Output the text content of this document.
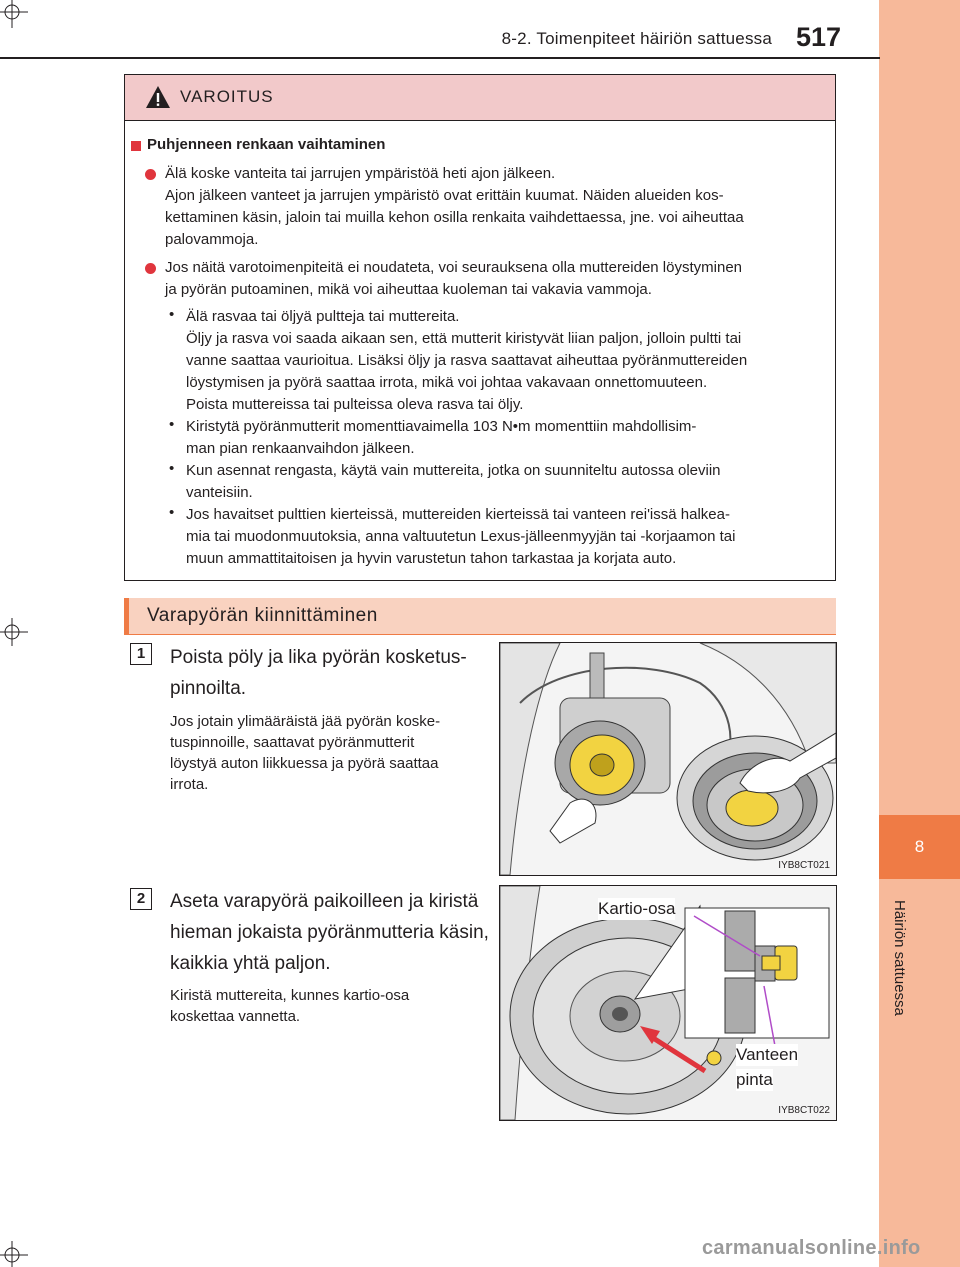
8
Häiriön sattuessa
8-2. Toimenpiteet häiriön sattuessa 517
VAROITUS
Puhjenneen renkaan vaihtaminen
Älä koske vanteita tai jarrujen ympäristöä heti ajon jälkeen.
Ajon jälkeen vanteet ja jarrujen ympäristö ovat erittäin kuumat. Näiden alueiden kos-
kettaminen käsin, jaloin tai muilla kehon osilla renkaita vaihdettaessa, jne. voi aiheuttaa
palovammoja.
Jos näitä varotoimenpiteitä ei noudateta, voi seurauksena olla muttereiden löystyminen
ja pyörän putoaminen, mikä voi aiheuttaa kuoleman tai vakavia vammoja.
• Älä rasvaa tai öljyä pultteja tai muttereita.
Öljy ja rasva voi saada aikaan sen, että mutterit kiristyvät liian paljon, jolloin pultti tai
vanne saattaa vaurioitua. Lisäksi öljy ja rasva saattavat aiheuttaa pyöränmuttereiden
löystymisen ja pyörä saattaa irrota, mikä voi johtaa vakavaan onnettomuuteen.
Poista muttereissa tai pulteissa oleva rasva tai öljy.
• Kiristytä pyöränmutterit momenttiavaimella 103 N•m momenttiin mahdollisim-
man pian renkaanvaihdon jälkeen.
• Kun asennat rengasta, käytä vain muttereita, jotka on suunniteltu autossa oleviin
vanteisiin.
• Jos havaitset pulttien kierteissä, muttereiden kierteissä tai vanteen rei'issä halkea-
mia tai muodonmuutoksia, anna valtuutetun Lexus-jälleenmyyjän tai -korjaamon tai
muun ammattitaitoisen ja hyvin varustetun tahon tarkastaa ja korjata auto.
Varapyörän kiinnittäminen
1	Poista pöly ja lika pyörän kosketus-
pinnoilta.
Jos jotain ylimääräistä jää pyörän koske-
tuspinnoille, saattavat pyöränmutterit
löystyä auton liikkuessa ja pyörä saattaa
irrota.
IYB8CT021
2	Aseta varapyörä paikoilleen ja kiristä
hieman jokaista pyöränmutteria käsin,
kaikkia yhtä paljon.
Kiristä muttereita, kunnes kartio-osa
koskettaa vannetta.
Kartio-osa
Vanteen
pinta
IYB8CT022
carmanualsonline.info
